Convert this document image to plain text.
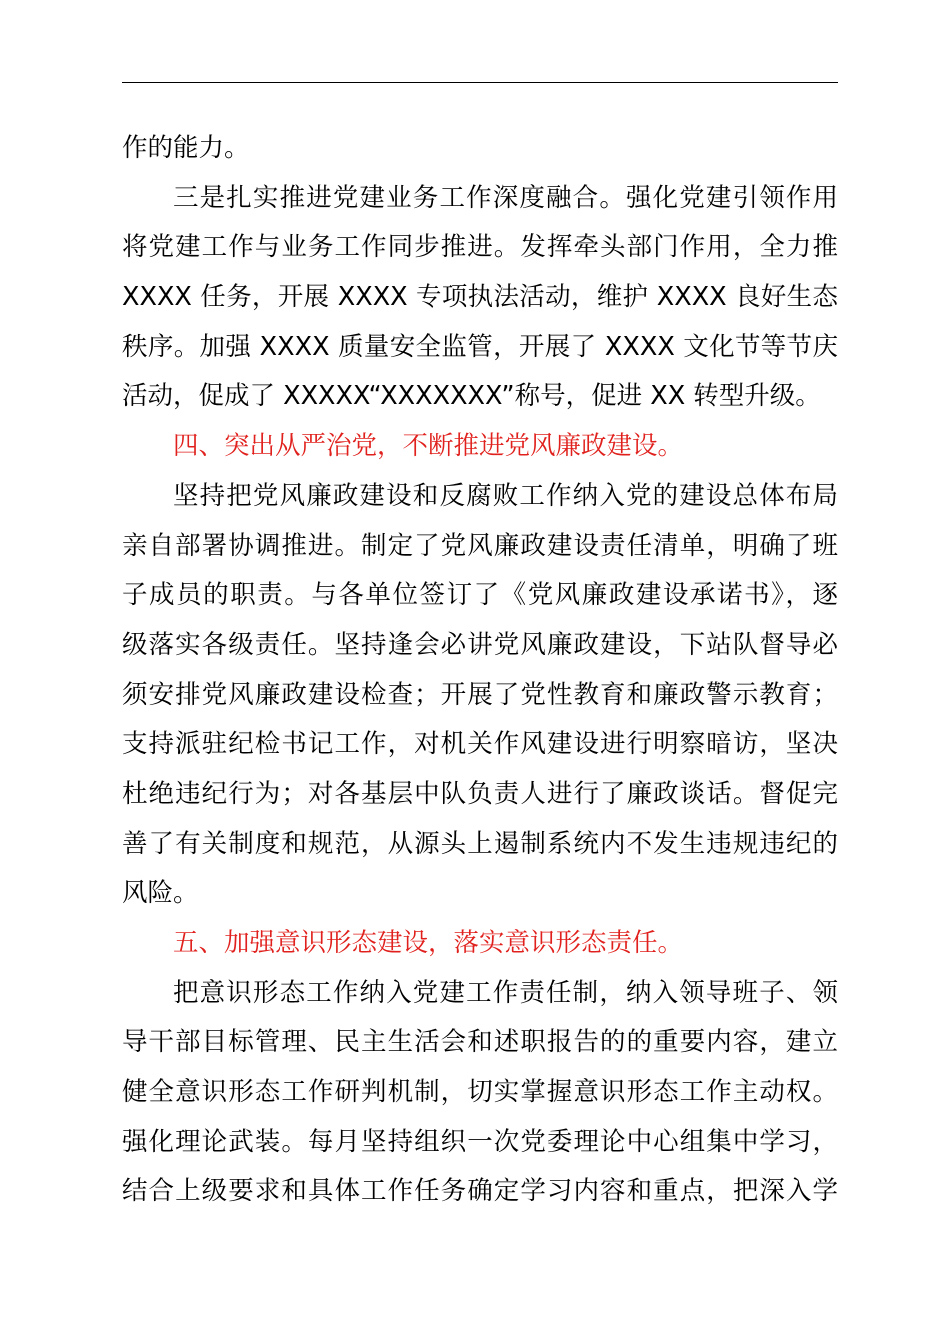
作的能力。
三是扎实推进党建业务工作深度融合。强化党建引领作用
将党建工作与业务工作同步推进。发挥牵头部门作用，全力推
XXXX 任务，开展 XXXX 专项执法活动，维护 XXXX 良好生态
秩序。加强 XXXX 质量安全监管，开展了 XXXX 文化节等节庆
活动，促成了 XXXXX“XXXXXXX”称号，促进 XX 转型升级。
四、突出从严治党，不断推进党风廉政建设。
坚持把党风廉政建设和反腐败工作纳入党的建设总体布局
亲自部署协调推进。制定了党风廉政建设责任清单，明确了班
子成员的职责。与各单位签订了《党风廉政建设承诺书》，逐
级落实各级责任。坚持逢会必讲党风廉政建设，下站队督导必
须安排党风廉政建设检查；开展了党性教育和廉政警示教育；
支持派驻纪检书记工作，对机关作风建设进行明察暗访，坚决
杜绝违纪行为；对各基层中队负责人进行了廉政谈话。督促完
善了有关制度和规范，从源头上遏制系统内不发生违规违纪的
风险。
五、加强意识形态建设，落实意识形态责任。
把意识形态工作纳入党建工作责任制，纳入领导班子、领
导干部目标管理、民主生活会和述职报告的的重要内容，建立
健全意识形态工作研判机制，切实掌握意识形态工作主动权。
强化理论武装。每月坚持组织一次党委理论中心组集中学习，
结合上级要求和具体工作任务确定学习内容和重点，把深入学
